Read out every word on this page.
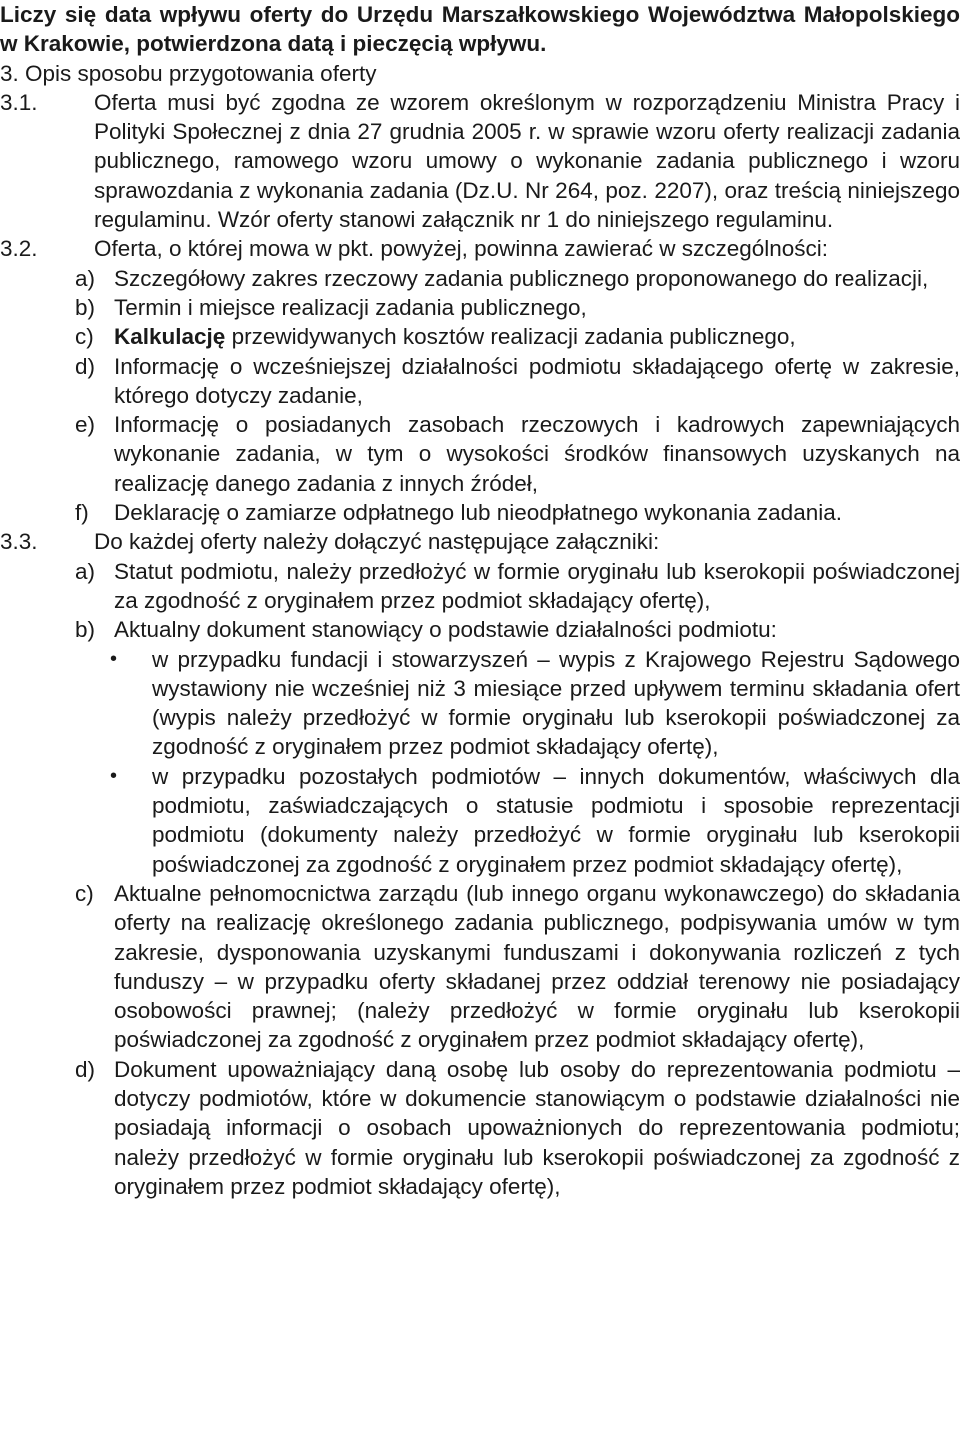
Liczy się data wpływu oferty do Urzędu Marszałkowskiego Województwa Małopolskiego w Krakowie, potwierdzona datą i pieczęcią wpływu.

3. Opis sposobu przygotowania oferty

3.1.	Oferta musi być zgodna ze wzorem określonym w rozporządzeniu Ministra Pracy i Polityki Społecznej z dnia 27 grudnia 2005 r. w sprawie wzoru oferty realizacji zadania publicznego, ramowego wzoru umowy o wykonanie zadania publicznego i wzoru sprawozdania z wykonania zadania (Dz.U. Nr 264, poz. 2207), oraz treścią niniejszego regulaminu. Wzór oferty stanowi załącznik nr 1 do niniejszego regulaminu.
3.2.	Oferta, o której mowa w pkt. powyżej, powinna zawierać w szczególności:
a) Szczegółowy zakres rzeczowy zadania publicznego proponowanego do realizacji,
b) Termin i miejsce realizacji zadania publicznego,
c) Kalkulację przewidywanych kosztów realizacji zadania publicznego,
d) Informację o wcześniejszej działalności podmiotu składającego ofertę w zakresie, którego dotyczy zadanie,
e) Informację o posiadanych zasobach rzeczowych i kadrowych zapewniających wykonanie zadania, w tym o wysokości środków finansowych uzyskanych na realizację danego zadania z innych źródeł,
f) Deklarację o zamiarze odpłatnego lub nieodpłatnego wykonania zadania.
3.3.	Do każdej oferty należy dołączyć następujące załączniki:
a) Statut podmiotu, należy przedłożyć w formie oryginału lub kserokopii poświadczonej za zgodność z oryginałem przez podmiot składający ofertę),
b) Aktualny dokument stanowiący o podstawie działalności podmiotu:
• w przypadku fundacji i stowarzyszeń – wypis z Krajowego Rejestru Sądowego wystawiony nie wcześniej niż 3 miesiące przed upływem terminu składania ofert (wypis należy przedłożyć w formie oryginału lub kserokopii poświadczonej za zgodność z oryginałem przez podmiot składający ofertę),
• w przypadku pozostałych podmiotów – innych dokumentów, właściwych dla podmiotu, zaświadczających o statusie podmiotu i sposobie reprezentacji podmiotu (dokumenty należy przedłożyć w formie oryginału lub kserokopii poświadczonej za zgodność z oryginałem przez podmiot składający ofertę),
c) Aktualne pełnomocnictwa zarządu (lub innego organu wykonawczego) do składania oferty na realizację określonego zadania publicznego, podpisywania umów w tym zakresie, dysponowania uzyskanymi funduszami i dokonywania rozliczeń z tych funduszy – w przypadku oferty składanej przez oddział terenowy nie posiadający osobowości prawnej; (należy przedłożyć w formie oryginału lub kserokopii poświadczonej za zgodność z oryginałem przez podmiot składający ofertę),
d) Dokument upoważniający daną osobę lub osoby do reprezentowania podmiotu – dotyczy podmiotów, które w dokumencie stanowiącym o podstawie działalności nie posiadają informacji o osobach upoważnionych do reprezentowania podmiotu; należy przedłożyć w formie oryginału lub kserokopii poświadczonej za zgodność z oryginałem przez podmiot składający ofertę),
